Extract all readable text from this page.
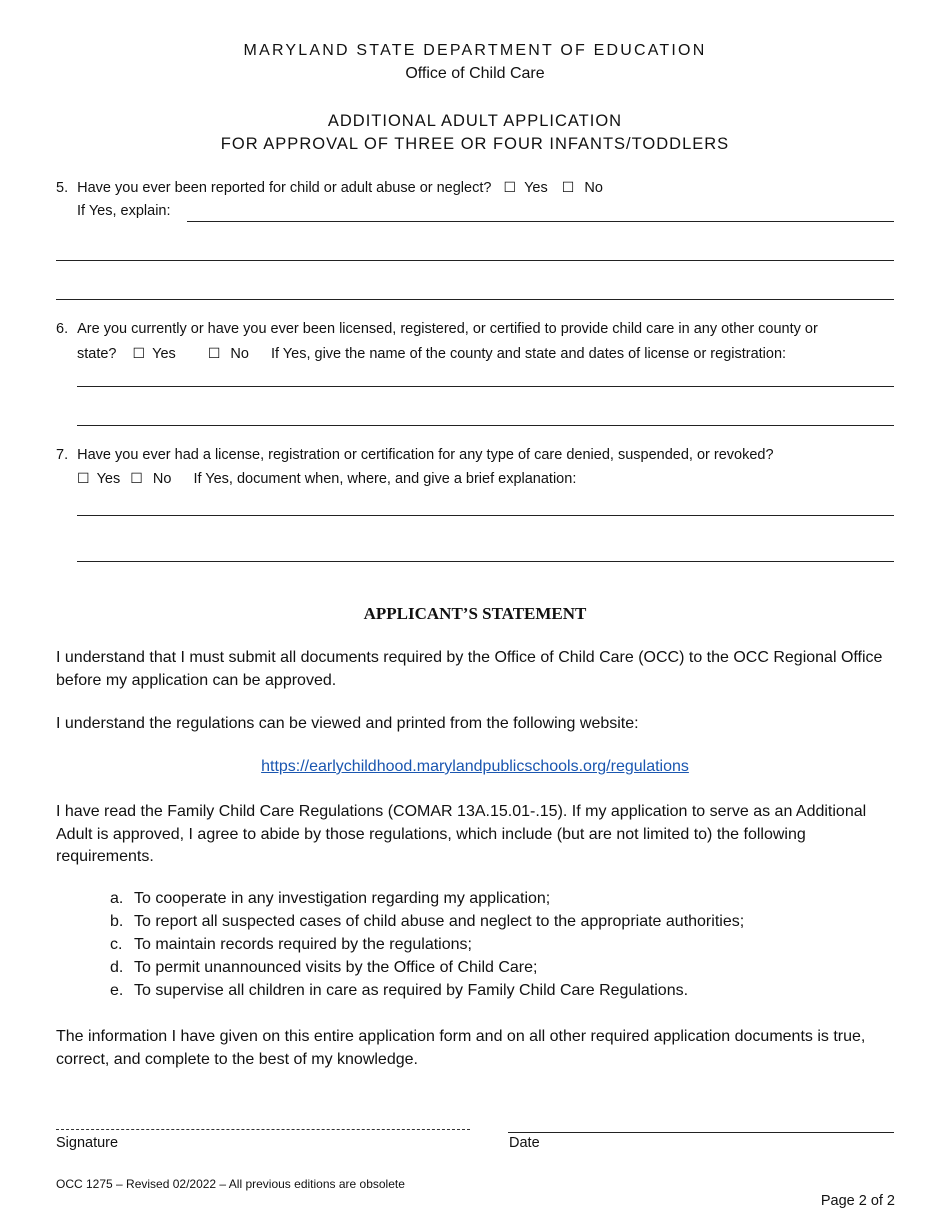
MARYLAND STATE DEPARTMENT OF EDUCATION
Office of Child Care
ADDITIONAL ADULT APPLICATION
FOR APPROVAL OF THREE OR FOUR INFANTS/TODDLERS
5. Have you ever been reported for child or adult abuse or neglect? ☐ Yes ☐ No
If Yes, explain:
6. Are you currently or have you ever been licensed, registered, or certified to provide child care in any other county or
state? ☐ Yes ☐ No If Yes, give the name of the county and state and dates of license or registration:
7. Have you ever had a license, registration or certification for any type of care denied, suspended, or revoked?
☐ Yes ☐ No If Yes, document when, where, and give a brief explanation:
APPLICANT’S STATEMENT
I understand that I must submit all documents required by the Office of Child Care (OCC) to the OCC Regional Office before my application can be approved.
I understand the regulations can be viewed and printed from the following website:
https://earlychildhood.marylandpublicschools.org/regulations
I have read the Family Child Care Regulations (COMAR 13A.15.01-.15). If my application to serve as an Additional Adult is approved, I agree to abide by those regulations, which include (but are not limited to) the following requirements.
a. To cooperate in any investigation regarding my application;
b. To report all suspected cases of child abuse and neglect to the appropriate authorities;
c. To maintain records required by the regulations;
d. To permit unannounced visits by the Office of Child Care;
e. To supervise all children in care as required by Family Child Care Regulations.
The information I have given on this entire application form and on all other required application documents is true, correct, and complete to the best of my knowledge.
Signature	Date
OCC 1275 – Revised 02/2022 – All previous editions are obsolete
Page 2 of 2
